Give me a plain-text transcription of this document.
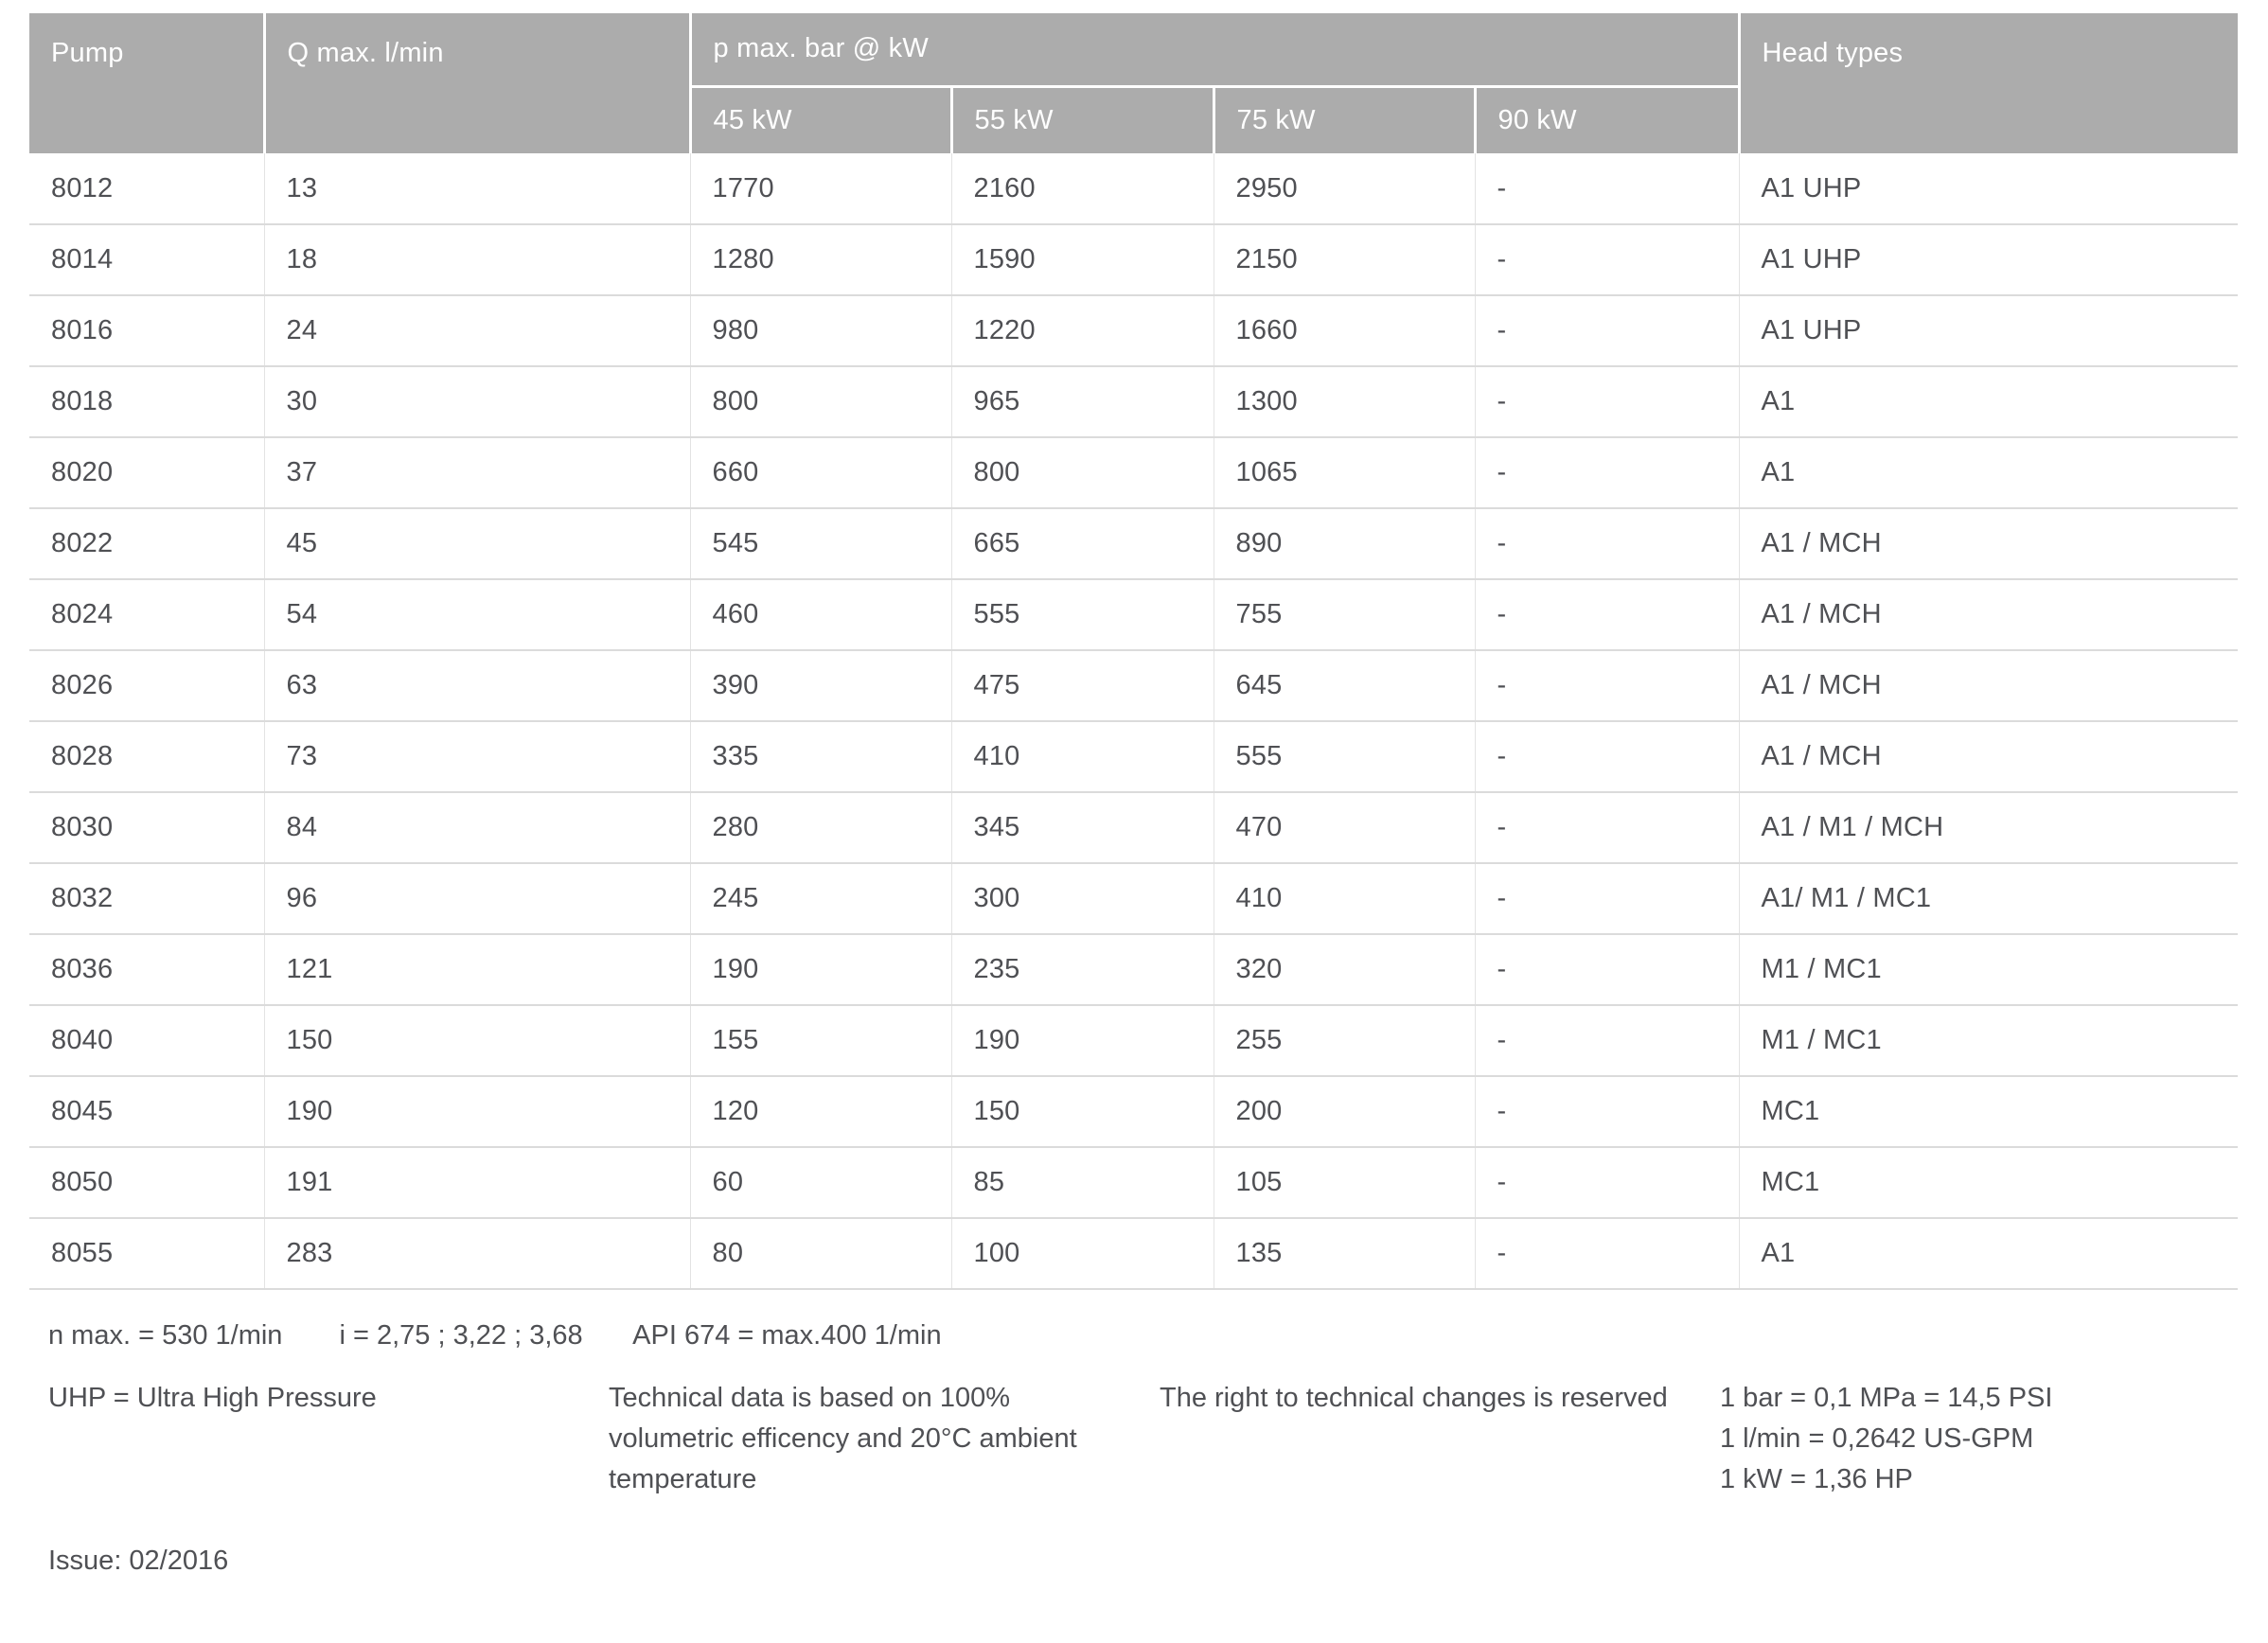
Pump	Q max. l/min	p max. bar @ kW				Head types
		45 kW	55 kW	75 kW	90 kW	
8012	13	1770	2160	2950	-	A1 UHP
8014	18	1280	1590	2150	-	A1 UHP
8016	24	980	1220	1660	-	A1 UHP
8018	30	800	965	1300	-	A1
8020	37	660	800	1065	-	A1
8022	45	545	665	890	-	A1 / MCH
8024	54	460	555	755	-	A1 / MCH
8026	63	390	475	645	-	A1 / MCH
8028	73	335	410	555	-	A1 / MCH
8030	84	280	345	470	-	A1 / M1 / MCH
8032	96	245	300	410	-	A1/ M1 / MC1
8036	121	190	235	320	-	M1 / MC1
8040	150	155	190	255	-	M1 / MC1
8045	190	120	150	200	-	MC1
8050	191	60	85	105	-	MC1
8055	283	80	100	135	-	A1
n max. = 530 1/min i = 2,75 ; 3,22 ; 3,68 API 674 = max.400 1/min
UHP = Ultra High Pressure	Technical data is based on 100%
volumetric efficency and 20°C ambient
temperature
The right to technical changes is reserved	1 bar = 0,1 MPa = 14,5 PSI
1 l/min = 0,2642 US-GPM
1 kW = 1,36 HP
Issue: 02/2016
